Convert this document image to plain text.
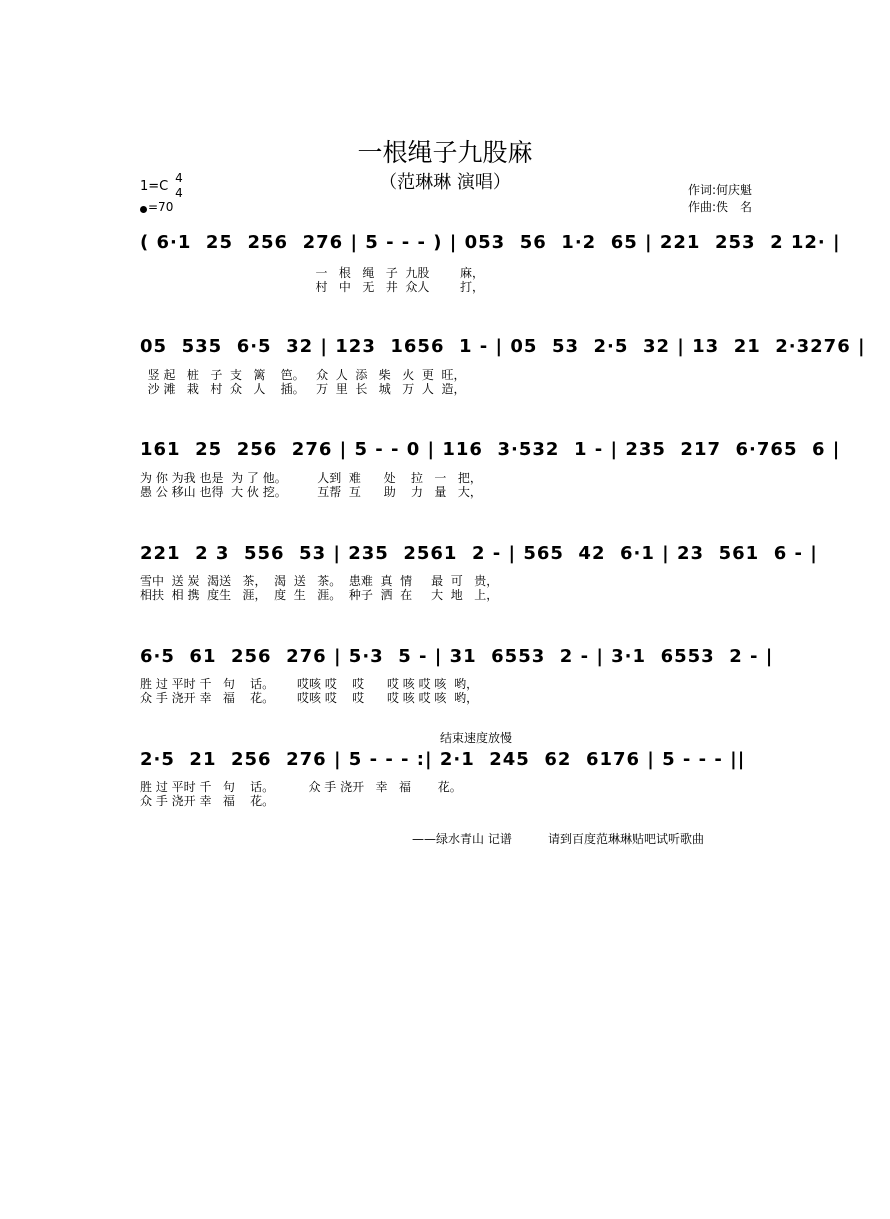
一根绳子九股麻
（范琳琳 演唱）
1=C
4
4
=70
作词:何庆魁
作曲:佚　名
( 6·1  25  256  276 | 5 - - - ) | 053  56  1·2  65 | 221  253  2 12· |
一   根   绳   子  九股        麻，
村   中   无   井  众人        打，
05  535  6·5  32 | 123  1656  1 - | 05  53  2·5  32 | 13  21  2·3276 |
竖 起   桩   子  支   篱    笆。   众  人  添   柴   火  更  旺，
沙 滩   栽   村  众   人    插。   万  里  长   城   万  人  造，
161  25  256  276 | 5 - - 0 | 116  3·532  1 - | 235  217  6·765  6 |
为 你 为我 也是  为 了 他。        人到  难      处    拉   一   把，
愚 公 移山 也得  大 伙 挖。        互帮  互      助    力   量   大，
221  2 3  556  53 | 235  2561  2 - | 565  42  6·1 | 23  561  6 - |
雪中  送 炭  渴送   茶，  渴  送   茶。  患难  真  情     最  可   贵，
相扶  相 携  度生   涯，  度  生   涯。  种子  洒  在     大  地   上，
6·5  61  256  276 | 5·3  5 - | 31  6553  2 - | 3·1  6553  2 - |
胜 过 平时 千   句    话。      哎咳 哎    哎      哎 咳 哎 咳  哟，
众 手 浇开 幸   福    花。      哎咳 哎    哎      哎 咳 哎 咳  哟，
结束速度放慢
2·5  21  256  276 | 5 - - - :| 2·1  245  62  6176 | 5 - - - ||
胜 过 平时 千   句    话。         众 手 浇开   幸   福       花。
众 手 浇开 幸   福    花。
——绿水青山 记谱	请到百度范琳琳贴吧试听歌曲
